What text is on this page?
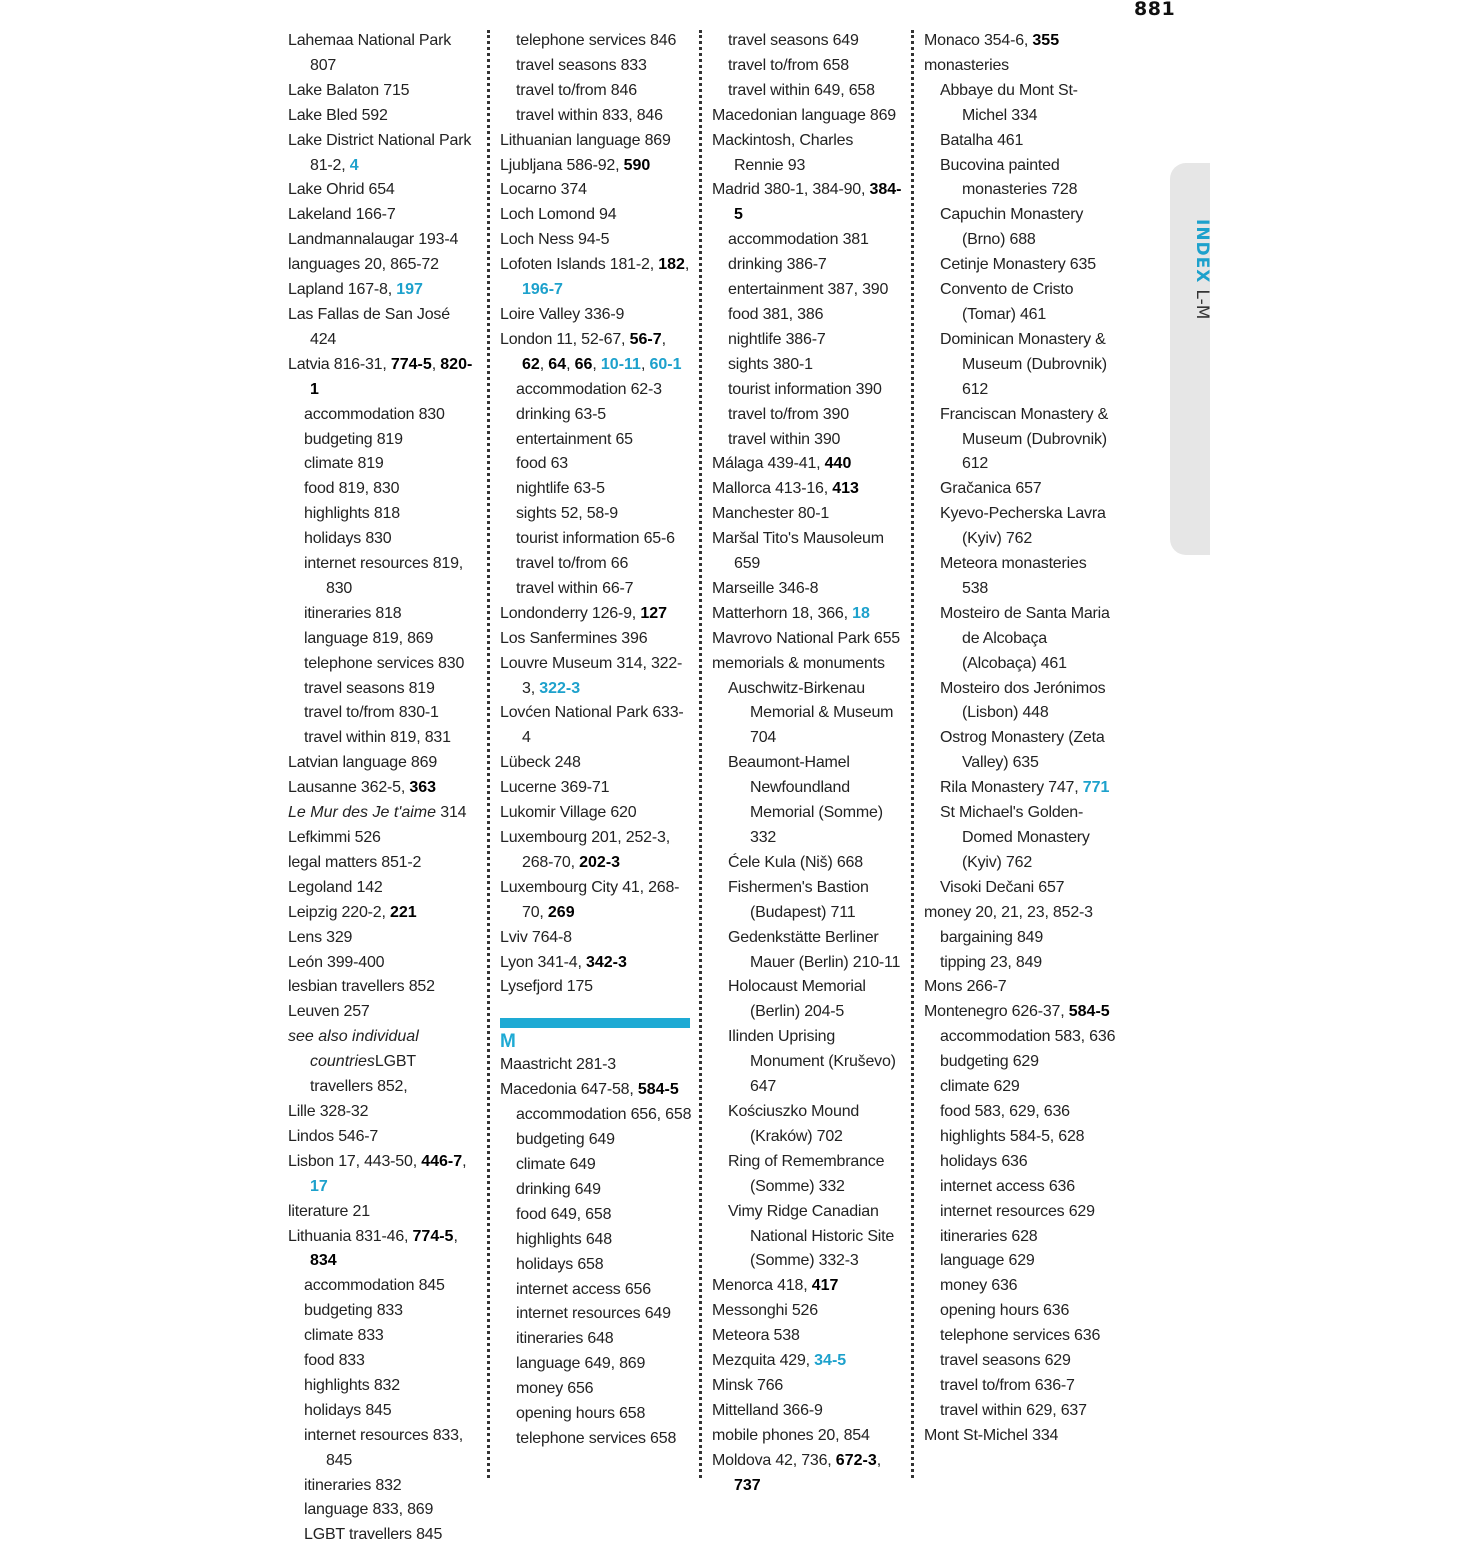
881
Lahemaa National Park 807
Lake Balaton 715
Lake Bled 592
Lake District National Park 81-2, 4
Lake Ohrid 654
Lakeland 166-7
Landmannalaugar 193-4
languages 20, 865-72
Lapland 167-8, 197
Las Fallas de San José 424
Latvia 816-31, 774-5, 820-1
accommodation 830
budgeting 819
climate 819
food 819, 830
highlights 818
holidays 830
internet resources 819, 830
itineraries 818
language 819, 869
telephone services 830
travel seasons 819
travel to/from 830-1
travel within 819, 831
Latvian language 869
Lausanne 362-5, 363
Le Mur des Je t'aime 314
Lefkimmi 526
legal matters 851-2
Legoland 142
Leipzig 220-2, 221
Lens 329
León 399-400
lesbian travellers 852
Leuven 257
see also individual countriesLGBT travellers 852,
Lille 328-32
Lindos 546-7
Lisbon 17, 443-50, 446-7, 17
literature 21
Lithuania 831-46, 774-5, 834
accommodation 845
budgeting 833
climate 833
food 833
highlights 832
holidays 845
internet resources 833, 845
itineraries 832
language 833, 869
LGBT travellers 845
telephone services 846
travel seasons 833
travel to/from 846
travel within 833, 846
Lithuanian language 869
Ljubljana 586-92, 590
Locarno 374
Loch Lomond 94
Loch Ness 94-5
Lofoten Islands 181-2, 182, 196-7
Loire Valley 336-9
London 11, 52-67, 56-7, 62, 64, 66, 10-11, 60-1
accommodation 62-3
drinking 63-5
entertainment 65
food 63
nightlife 63-5
sights 52, 58-9
tourist information 65-6
travel to/from 66
travel within 66-7
Londonderry 126-9, 127
Los Sanfermines 396
Louvre Museum 314, 322-3, 322-3
Lovćen National Park 633-4
Lübeck 248
Lucerne 369-71
Lukomir Village 620
Luxembourg 201, 252-3, 268-70, 202-3
Luxembourg City 41, 268-70, 269
Lviv 764-8
Lyon 341-4, 342-3
Lysefjord 175
M
Maastricht 281-3
Macedonia 647-58, 584-5
accommodation 656, 658
budgeting 649
climate 649
drinking 649
food 649, 658
highlights 648
holidays 658
internet access 656
internet resources 649
itineraries 648
language 649, 869
money 656
opening hours 658
telephone services 658
travel seasons 649
travel to/from 658
travel within 649, 658
Macedonian language 869
Mackintosh, Charles Rennie 93
Madrid 380-1, 384-90, 384-5
accommodation 381
drinking 386-7
entertainment 387, 390
food 381, 386
nightlife 386-7
sights 380-1
tourist information 390
travel to/from 390
travel within 390
Málaga 439-41, 440
Mallorca 413-16, 413
Manchester 80-1
Maršal Tito's Mausoleum 659
Marseille 346-8
Matterhorn 18, 366, 18
Mavrovo National Park 655
memorials & monuments
Auschwitz-Birkenau Memorial & Museum 704
Beaumont-Hamel Newfoundland Memorial (Somme) 332
Ćele Kula (Niš) 668
Fishermen's Bastion (Budapest) 711
Gedenkstätte Berliner Mauer (Berlin) 210-11
Holocaust Memorial (Berlin) 204-5
Ilinden Uprising Monument (Kruševo) 647
Kościuszko Mound (Kraków) 702
Ring of Remembrance (Somme) 332
Vimy Ridge Canadian National Historic Site (Somme) 332-3
Menorca 418, 417
Messonghi 526
Meteora 538
Mezquita 429, 34-5
Minsk 766
Mittelland 366-9
mobile phones 20, 854
Moldova 42, 736, 672-3, 737
Monaco 354-6, 355
monasteries
Abbaye du Mont St-Michel 334
Batalha 461
Bucovina painted monasteries 728
Capuchin Monastery (Brno) 688
Cetinje Monastery 635
Convento de Cristo (Tomar) 461
Dominican Monastery & Museum (Dubrovnik) 612
Franciscan Monastery & Museum (Dubrovnik) 612
Gračanica 657
Kyevo-Pecherska Lavra (Kyiv) 762
Meteora monasteries 538
Mosteiro de Santa Maria de Alcobaça (Alcobaça) 461
Mosteiro dos Jerónimos (Lisbon) 448
Ostrog Monastery (Zeta Valley) 635
Rila Monastery 747, 771
St Michael's Golden-Domed Monastery (Kyiv) 762
Visoki Dečani 657
money 20, 21, 23, 852-3
bargaining 849
tipping 23, 849
Mons 266-7
Montenegro 626-37, 584-5
accommodation 583, 636
budgeting 629
climate 629
food 583, 629, 636
highlights 584-5, 628
holidays 636
internet access 636
internet resources 629
itineraries 628
language 629
money 636
opening hours 636
telephone services 636
travel seasons 629
travel to/from 636-7
travel within 629, 637
Mont St-Michel 334
INDEXL-M
